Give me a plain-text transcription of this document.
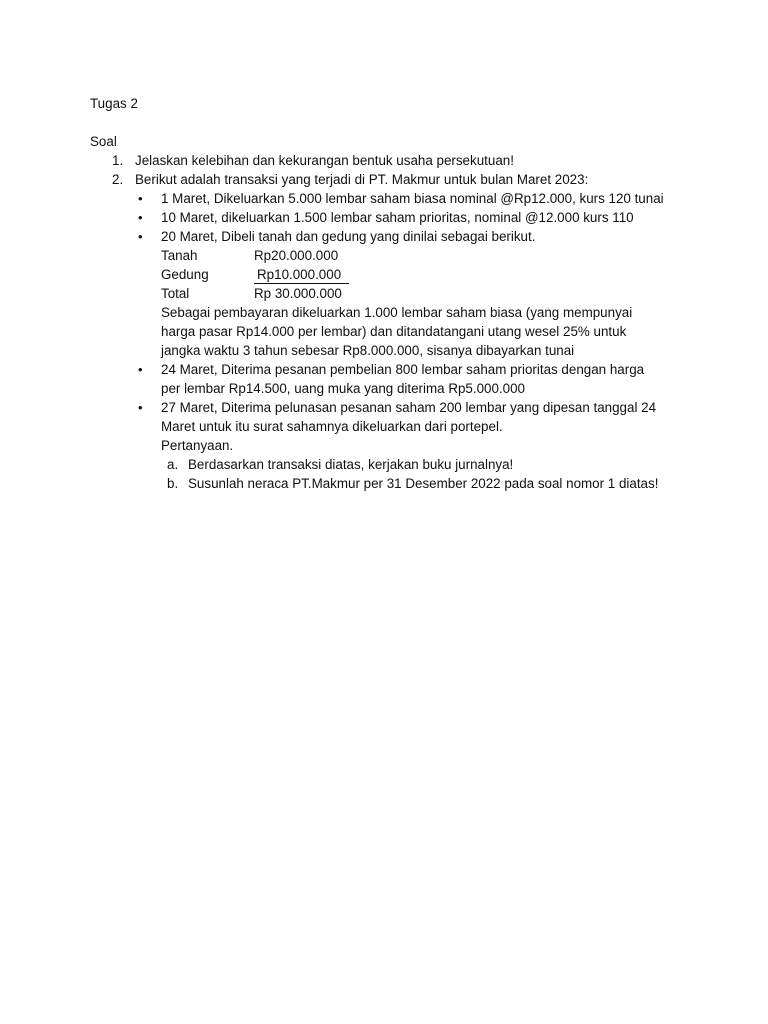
Tugas 2
Soal
1. Jelaskan kelebihan dan kekurangan bentuk usaha persekutuan!
2. Berikut adalah transaksi yang terjadi di PT. Makmur untuk bulan Maret 2023:
• 1 Maret, Dikeluarkan 5.000 lembar saham biasa nominal @Rp12.000, kurs 120 tunai
• 10 Maret, dikeluarkan 1.500 lembar saham prioritas, nominal @12.000 kurs 110
• 20 Maret, Dibeli tanah dan gedung yang dinilai sebagai berikut.
Tanah	Rp20.000.000
Gedung	Rp10.000.000
Total	Rp 30.000.000
Sebagai pembayaran dikeluarkan 1.000 lembar saham biasa (yang mempunyai
harga pasar Rp14.000 per lembar) dan ditandatangani utang wesel 25% untuk
jangka waktu 3 tahun sebesar Rp8.000.000, sisanya dibayarkan tunai
• 24 Maret, Diterima pesanan pembelian 800 lembar saham prioritas dengan harga
per lembar Rp14.500, uang muka yang diterima Rp5.000.000
• 27 Maret, Diterima pelunasan pesanan saham 200 lembar yang dipesan tanggal 24
Maret untuk itu surat sahamnya dikeluarkan dari portepel.
Pertanyaan.
a. Berdasarkan transaksi diatas, kerjakan buku jurnalnya!
b. Susunlah neraca PT.Makmur per 31 Desember 2022 pada soal nomor 1 diatas!
